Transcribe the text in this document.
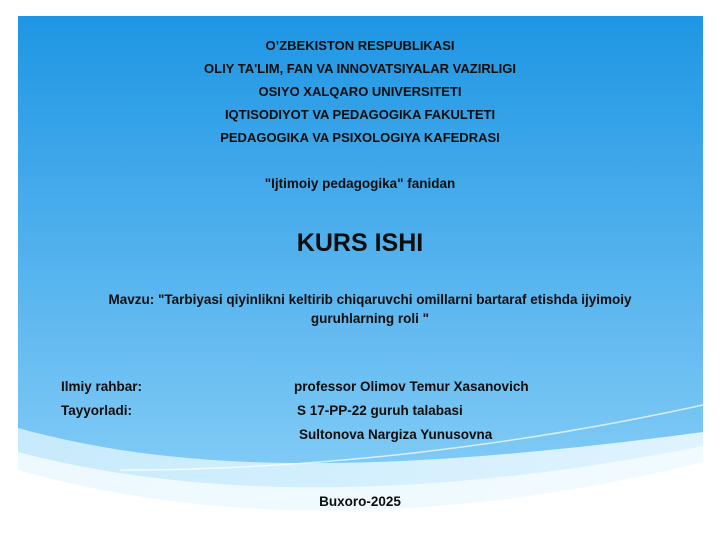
O’ZBEKISTON RESPUBLIKASI
OLIY TA'LIM, FAN VA INNOVATSIYALAR VAZIRLIGI
OSIYO XALQARO UNIVERSITETI
IQTISODIYOT VA PEDAGOGIKA FAKULTETI
PEDAGOGIKA VA PSIXOLOGIYA KAFEDRASI
"Ijtimoiy pedagogika" fanidan
KURS ISHI
Mavzu: "Tarbiyasi qiyinlikni keltirib chiqaruvchi omillarni bartaraf etishda ijyimoiy guruhlarning roli "
Ilmiy rahbar:	professor Olimov Temur Xasanovich
Tayyorladi:	S 17-PP-22 guruh talabasi
Sultonova Nargiza Yunusovna
Buxoro-2025
